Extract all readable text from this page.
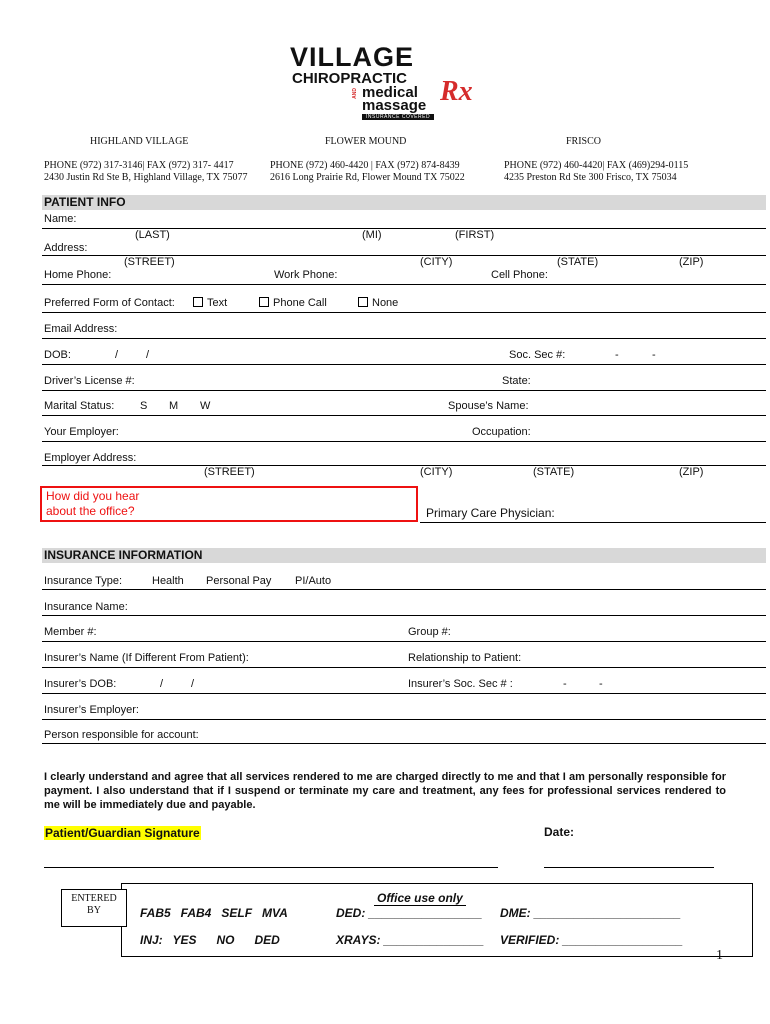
VILLAGE
CHIROPRACTIC
AND medical
massage Rx
INSURANCE COVERED
HIGHLAND VILLAGE
PHONE (972) 317-3146| FAX (972) 317- 4417
2430 Justin Rd Ste B, Highland Village, TX 75077
FLOWER MOUND
PHONE (972) 460-4420 | FAX (972) 874-8439
2616 Long Prairie Rd, Flower Mound TX 75022
FRISCO
PHONE (972) 460-4420| FAX (469)294-0115
4235 Preston Rd Ste 300 Frisco, TX 75034
PATIENT INFO
Name:
(LAST)	(MI)	(FIRST)
Address:
(STREET)	(CITY)	(STATE)	(ZIP)
Home Phone:	Work Phone:	Cell Phone:
Preferred Form of Contact:	Text	Phone Call	None
Email Address:
DOB:	/	/	Soc. Sec #:	-	-
Driver’s License #:	State:
Marital Status: S M W	Spouse’s Name:
Your Employer:	Occupation:
Employer Address:
(STREET)	(CITY)	(STATE)	(ZIP)
How did you hear
about the office?	Primary Care Physician:
INSURANCE INFORMATION
Insurance Type:	Health Personal Pay PI/Auto
Insurance Name:
Member #:	Group #:
Insurer’s Name (If Different From Patient):	Relationship to Patient:
Insurer’s DOB:	/	/	Insurer’s Soc. Sec # :	-	-
Insurer’s Employer:
Person responsible for account:
I clearly understand and agree that all services rendered to me are charged directly to me and that I am personally responsible for payment. I also understand that if I suspend or terminate my care and treatment, any fees for professional services rendered to me will be immediately due and payable.
Patient/Guardian Signature	Date:
ENTERED
BY
Office use only
FAB5   FAB4   SELF   MVA	DED: _________________ DME: ______________________
INJ:   YES      NO      DED	XRAYS: _______________ VERIFIED: __________________
1
